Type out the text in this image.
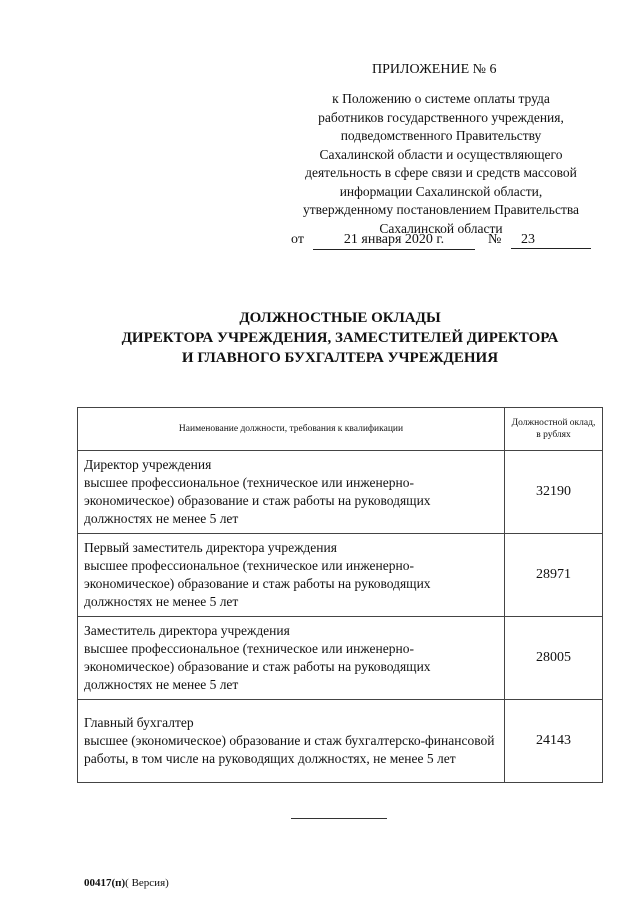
ПРИЛОЖЕНИЕ № 6
к Положению о системе оплаты труда
работников государственного учреждения,
подведомственного Правительству
Сахалинской области и осуществляющего
деятельность в сфере связи и средств массовой
информации Сахалинской области,
утвержденному постановлением Правительства
Сахалинской области
от	21 января 2020 г.	№	23
ДОЛЖНОСТНЫЕ ОКЛАДЫ
ДИРЕКТОРА УЧРЕЖДЕНИЯ, ЗАМЕСТИТЕЛЕЙ ДИРЕКТОРА
И ГЛАВНОГО БУХГАЛТЕРА УЧРЕЖДЕНИЯ
Наименование должности, требования к квалификации	Должностной оклад, в рублях

Директор учреждения
высшее профессиональное (техническое или инженерно-экономическое) образование и стаж работы на руководящих должностях не менее 5 лет	32190

Первый заместитель директора учреждения
высшее профессиональное (техническое или инженерно-экономическое) образование и стаж работы на руководящих должностях не менее 5 лет	28971

Заместитель директора учреждения
высшее профессиональное (техническое или инженерно-экономическое) образование и стаж работы на руководящих должностях не менее 5 лет	28005

Главный бухгалтер
высшее (экономическое) образование и стаж бухгалтерско-финансовой работы, в том числе на руководящих должностях, не менее 5 лет	24143
00417(п)( Версия)
